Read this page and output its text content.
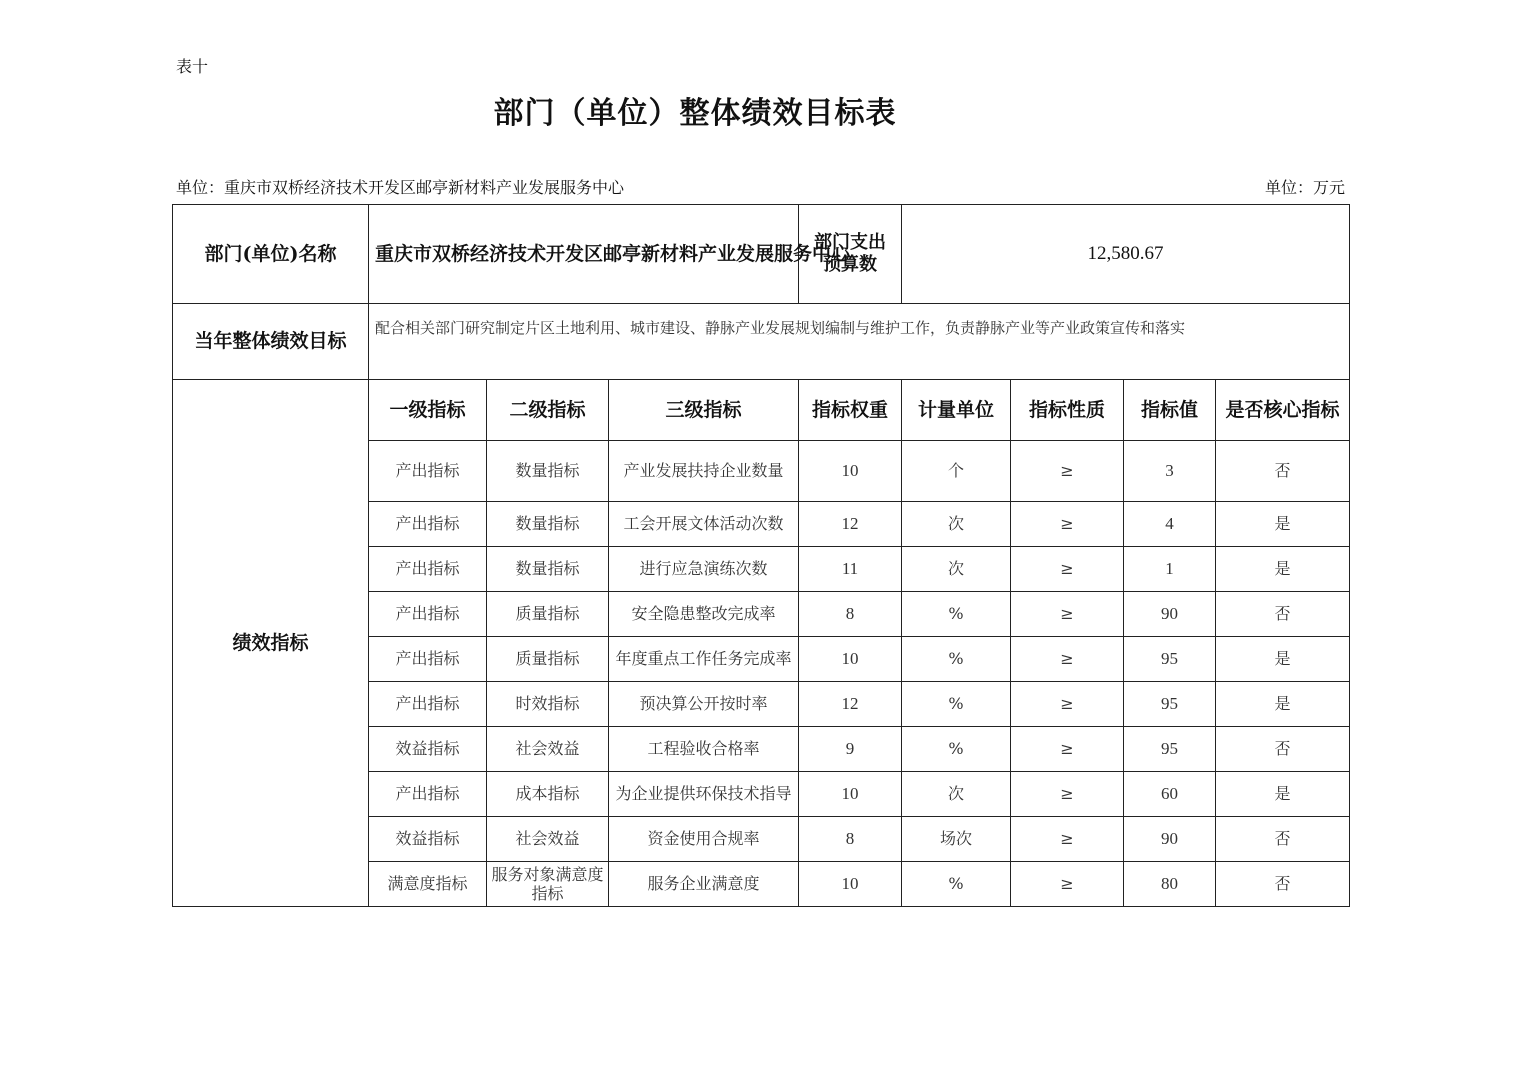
表十
部门（单位）整体绩效目标表
单位：重庆市双桥经济技术开发区邮亭新材料产业发展服务中心	单位：万元
部门(单位)名称	重庆市双桥经济技术开发区邮亭新材料产业发展服务中心			部门支出预算数	12,580.67			
当年整体绩效目标	配合相关部门研究制定片区土地利用、城市建设、静脉产业发展规划编制与维护工作，负责静脉产业等产业政策宣传和落实							
绩效指标	一级指标	二级指标	三级指标	指标权重	计量单位	指标性质	指标值	是否核心指标
	产出指标	数量指标	产业发展扶持企业数量	10	个	≥	3	否
	产出指标	数量指标	工会开展文体活动次数	12	次	≥	4	是
	产出指标	数量指标	进行应急演练次数	11	次	≥	1	是
	产出指标	质量指标	安全隐患整改完成率	8	%	≥	90	否
	产出指标	质量指标	年度重点工作任务完成率	10	%	≥	95	是
	产出指标	时效指标	预决算公开按时率	12	%	≥	95	是
	效益指标	社会效益	工程验收合格率	9	%	≥	95	否
	产出指标	成本指标	为企业提供环保技术指导	10	次	≥	60	是
	效益指标	社会效益	资金使用合规率	8	场次	≥	90	否
	满意度指标	服务对象满意度指标	服务企业满意度	10	%	≥	80	否
